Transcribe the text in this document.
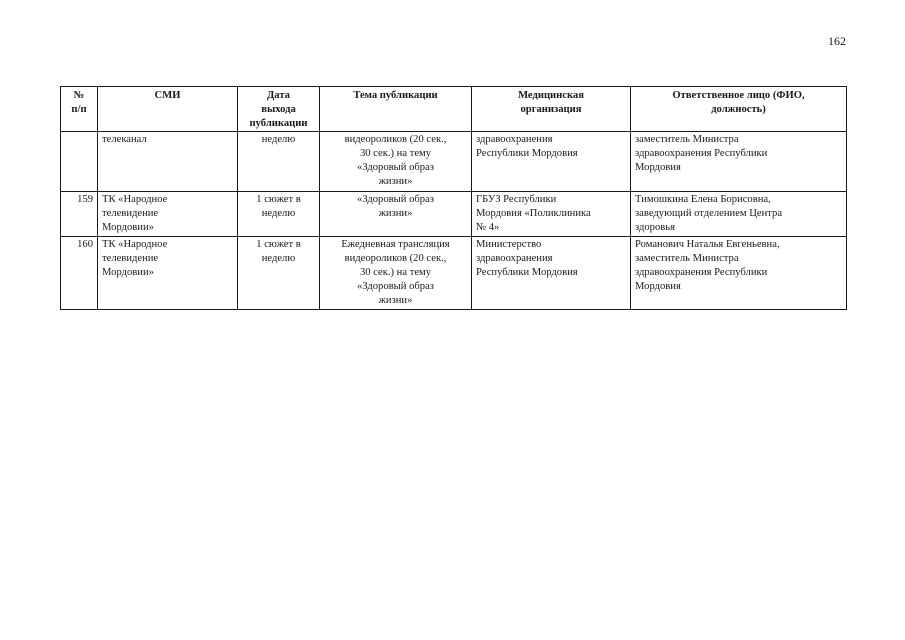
162
№
п/п	СМИ	Дата
выхода
публикации	Тема публикации	Медицинская
организация	Ответственное лицо (ФИО,
должность)
	телеканал	неделю	видеороликов (20 сек.,
30 сек.) на тему
«Здоровый образ
жизни»	здравоохранения
Республики Мордовия	заместитель Министра
здравоохранения Республики
Мордовия
159	ТК «Народное
телевидение
Мордовии»	1 сюжет в
неделю	«Здоровый образ
жизни»	ГБУЗ Республики
Мордовия «Поликлиника
№ 4»	Тимошкина Елена Борисовна,
заведующий отделением Центра
здоровья
160	ТК «Народное
телевидение
Мордовии»	1 сюжет в
неделю	Ежедневная трансляция
видеороликов (20 сек.,
30 сек.) на тему
«Здоровый образ
жизни»	Министерство
здравоохранения
Республики Мордовия	Романович Наталья Евгеньевна,
заместитель Министра
здравоохранения Республики
Мордовия
